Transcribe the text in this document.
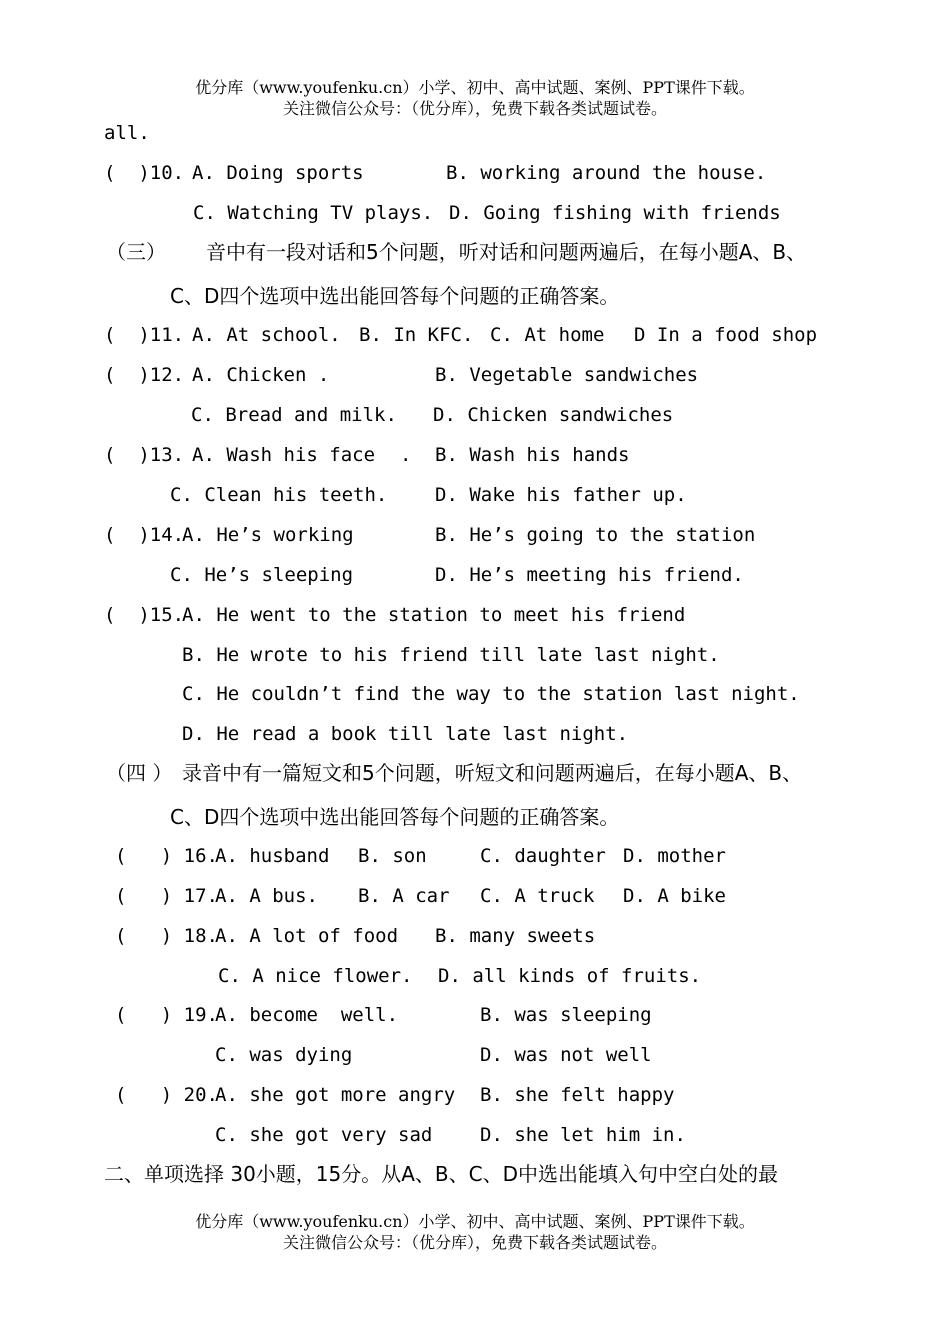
优分库（www.youfenku.cn）小学、初中、高中试题、案例、PPT课件下载。
关注微信公众号：（优分库），免费下载各类试题试卷。
all.
(  )10. A. Doing sports	B. working around the house.
C. Watching TV plays. D. Going fishing with friends
（三） 音中有一段对话和5个问题，听对话和问题两遍后，在每小题A、B、
C、D四个选项中选出能回答每个问题的正确答案。
(  )11. A. At school. B. In KFC. C. At home D In a food shop
(  )12. A. Chicken .	B. Vegetable sandwiches
C. Bread and milk. D. Chicken sandwiches
(  )13. A. Wash his face . B. Wash his hands
C. Clean his teeth.	D. Wake his father up.
(  )14.
A. He’s working	B. He’s going to the station
C. He’s sleeping	D. He’s meeting his friend.
(  )15.
A. He went to the station to meet his friend
B. He wrote to his friend till late last night.
C. He couldn’t find the way to the station last night.
D. He read a book till late last night.
（四 ） 录音中有一篇短文和5个问题，听短文和问题两遍后，在每小题A、B、
C、D四个选项中选出能回答每个问题的正确答案。
(   ) 16.
A. husband B. son	C. daughter D. mother
(   ) 17.
A. A bus. B. A car C. A truck D. A bike
(   ) 18.
A. A lot of food B. many sweets
C. A nice flower. D. all kinds of fruits.
(   ) 19.
A. become  well.	B. was sleeping
C. was dying	D. was not well
(   ) 20.
A. she got more angry B. she felt happy
C. she got very sad	D. she let him in.
二、单项选择 30小题，15分。从A、B、C、D中选出能填入句中空白处的最
优分库（www.youfenku.cn）小学、初中、高中试题、案例、PPT课件下载。
关注微信公众号：（优分库），免费下载各类试题试卷。
